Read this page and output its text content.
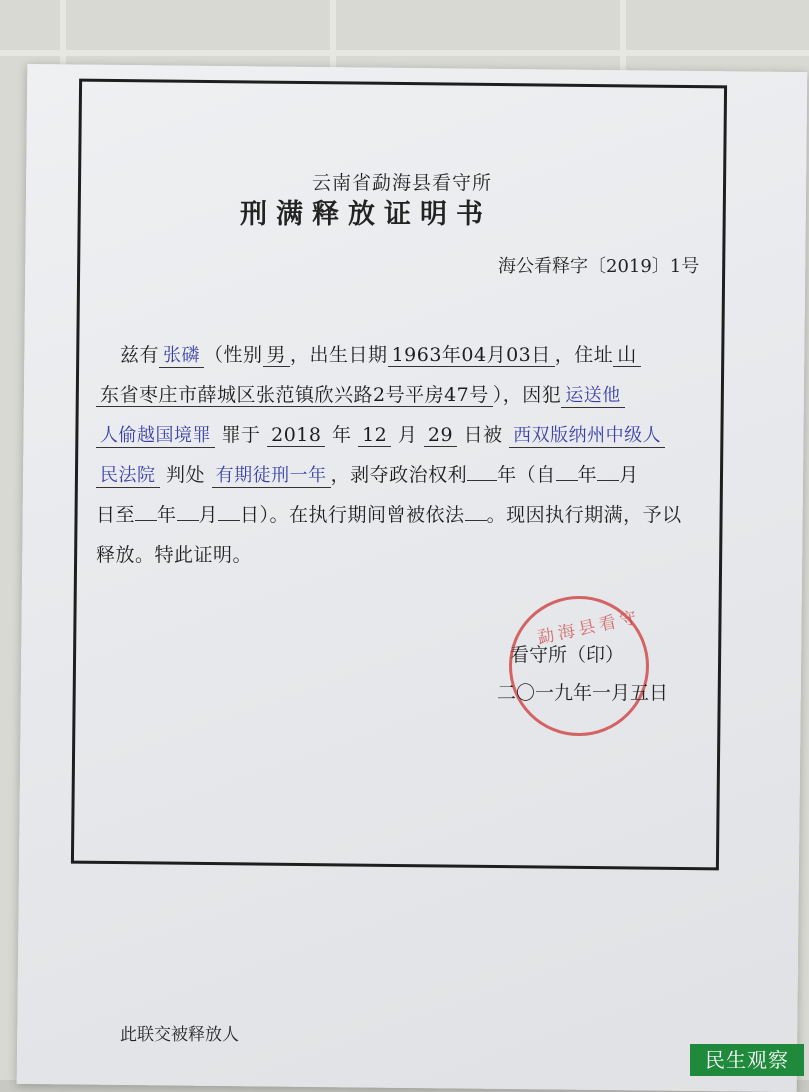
云南省勐海县看守所
刑满释放证明书
海公看释字〔2019〕1号
兹有 张磷 （性别 男 ，出生日期 1963年04月03日 ，住址 山
东省枣庄市薛城区张范镇欣兴路2号平房47号 ），因犯 运送他
人偷越国境罪 罪于 2018 年 12 月 29 日被 西双版纳州中级人
民法院 判处 有期徒刑一年 ，剥夺政治权利 年（自 年 月
日至 年 月 日）。在执行期间曾被依法 。现因执行期满，予以
释放。特此证明。
勐海县看守
看守所（印）
二〇一九年一月五日
此联交被释放人
民生观察
